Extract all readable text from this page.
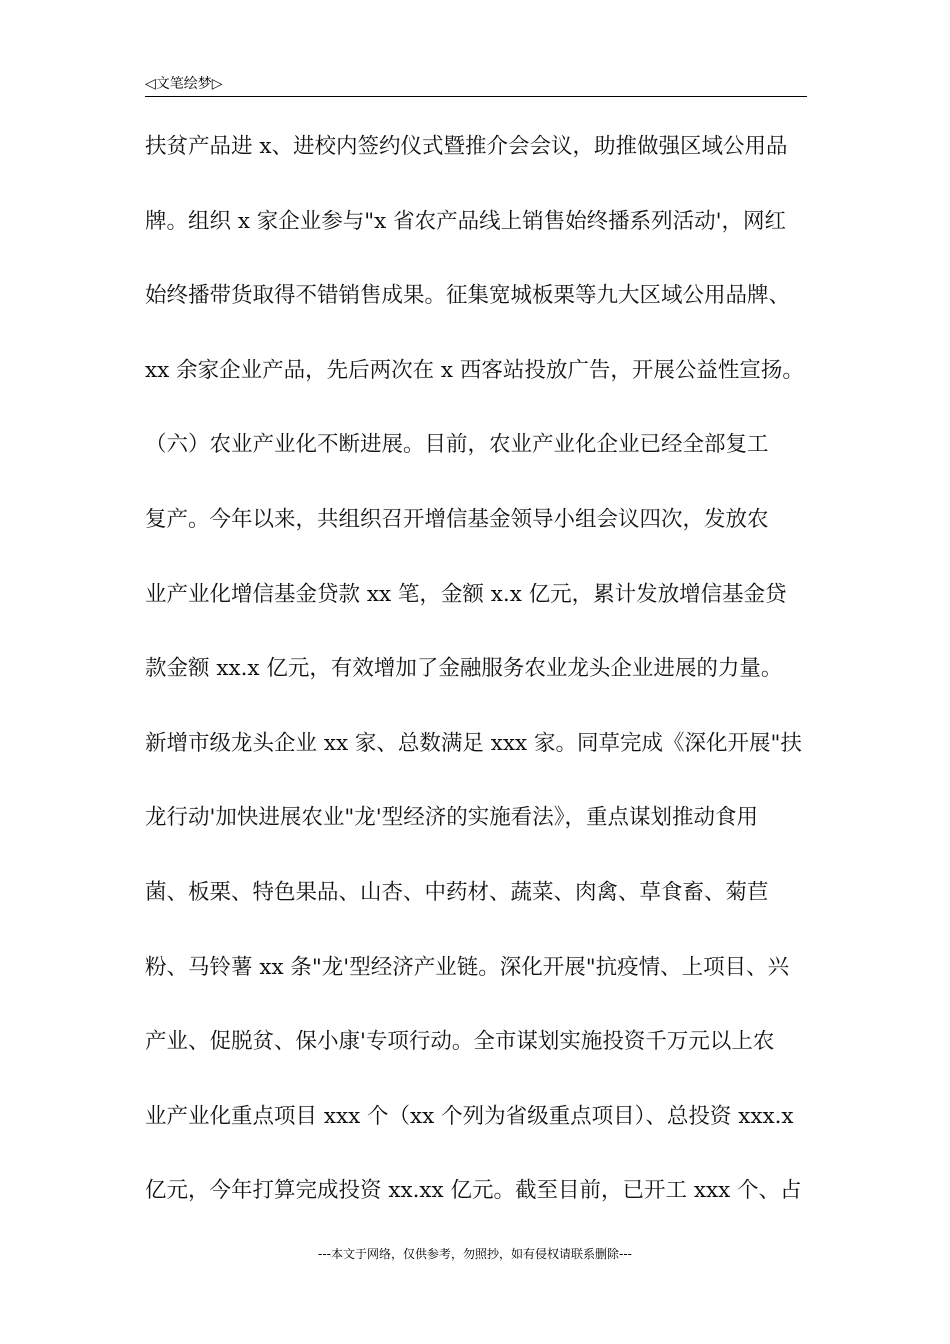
◁文笔绘梦▷
扶贫产品进 x、进校内签约仪式暨推介会会议，助推做强区域公用品
牌。组织 x 家企业参与"x 省农产品线上销售始终播系列活动'，网红
始终播带货取得不错销售成果。征集宽城板栗等九大区域公用品牌、
xx 余家企业产品，先后两次在 x 西客站投放广告，开展公益性宣扬。
（六）农业产业化不断进展。目前，农业产业化企业已经全部复工
复产。今年以来，共组织召开增信基金领导小组会议四次，发放农
业产业化增信基金贷款 xx 笔，金额 x.x 亿元，累计发放增信基金贷
款金额 xx.x 亿元，有效增加了金融服务农业龙头企业进展的力量。
新增市级龙头企业 xx 家、总数满足 xxx 家。同草完成《深化开展"扶
龙行动'加快进展农业"龙'型经济的实施看法》，重点谋划推动食用
菌、板栗、特色果品、山杏、中药材、蔬菜、肉禽、草食畜、菊苣
粉、马铃薯 xx 条"龙'型经济产业链。深化开展"抗疫情、上项目、兴
产业、促脱贫、保小康'专项行动。全市谋划实施投资千万元以上农
业产业化重点项目 xxx 个（xx 个列为省级重点项目）、总投资 xxx.x
亿元，今年打算完成投资 xx.xx 亿元。截至目前，已开工 xxx 个、占
---本文于网络，仅供参考，勿照抄，如有侵权请联系删除---
